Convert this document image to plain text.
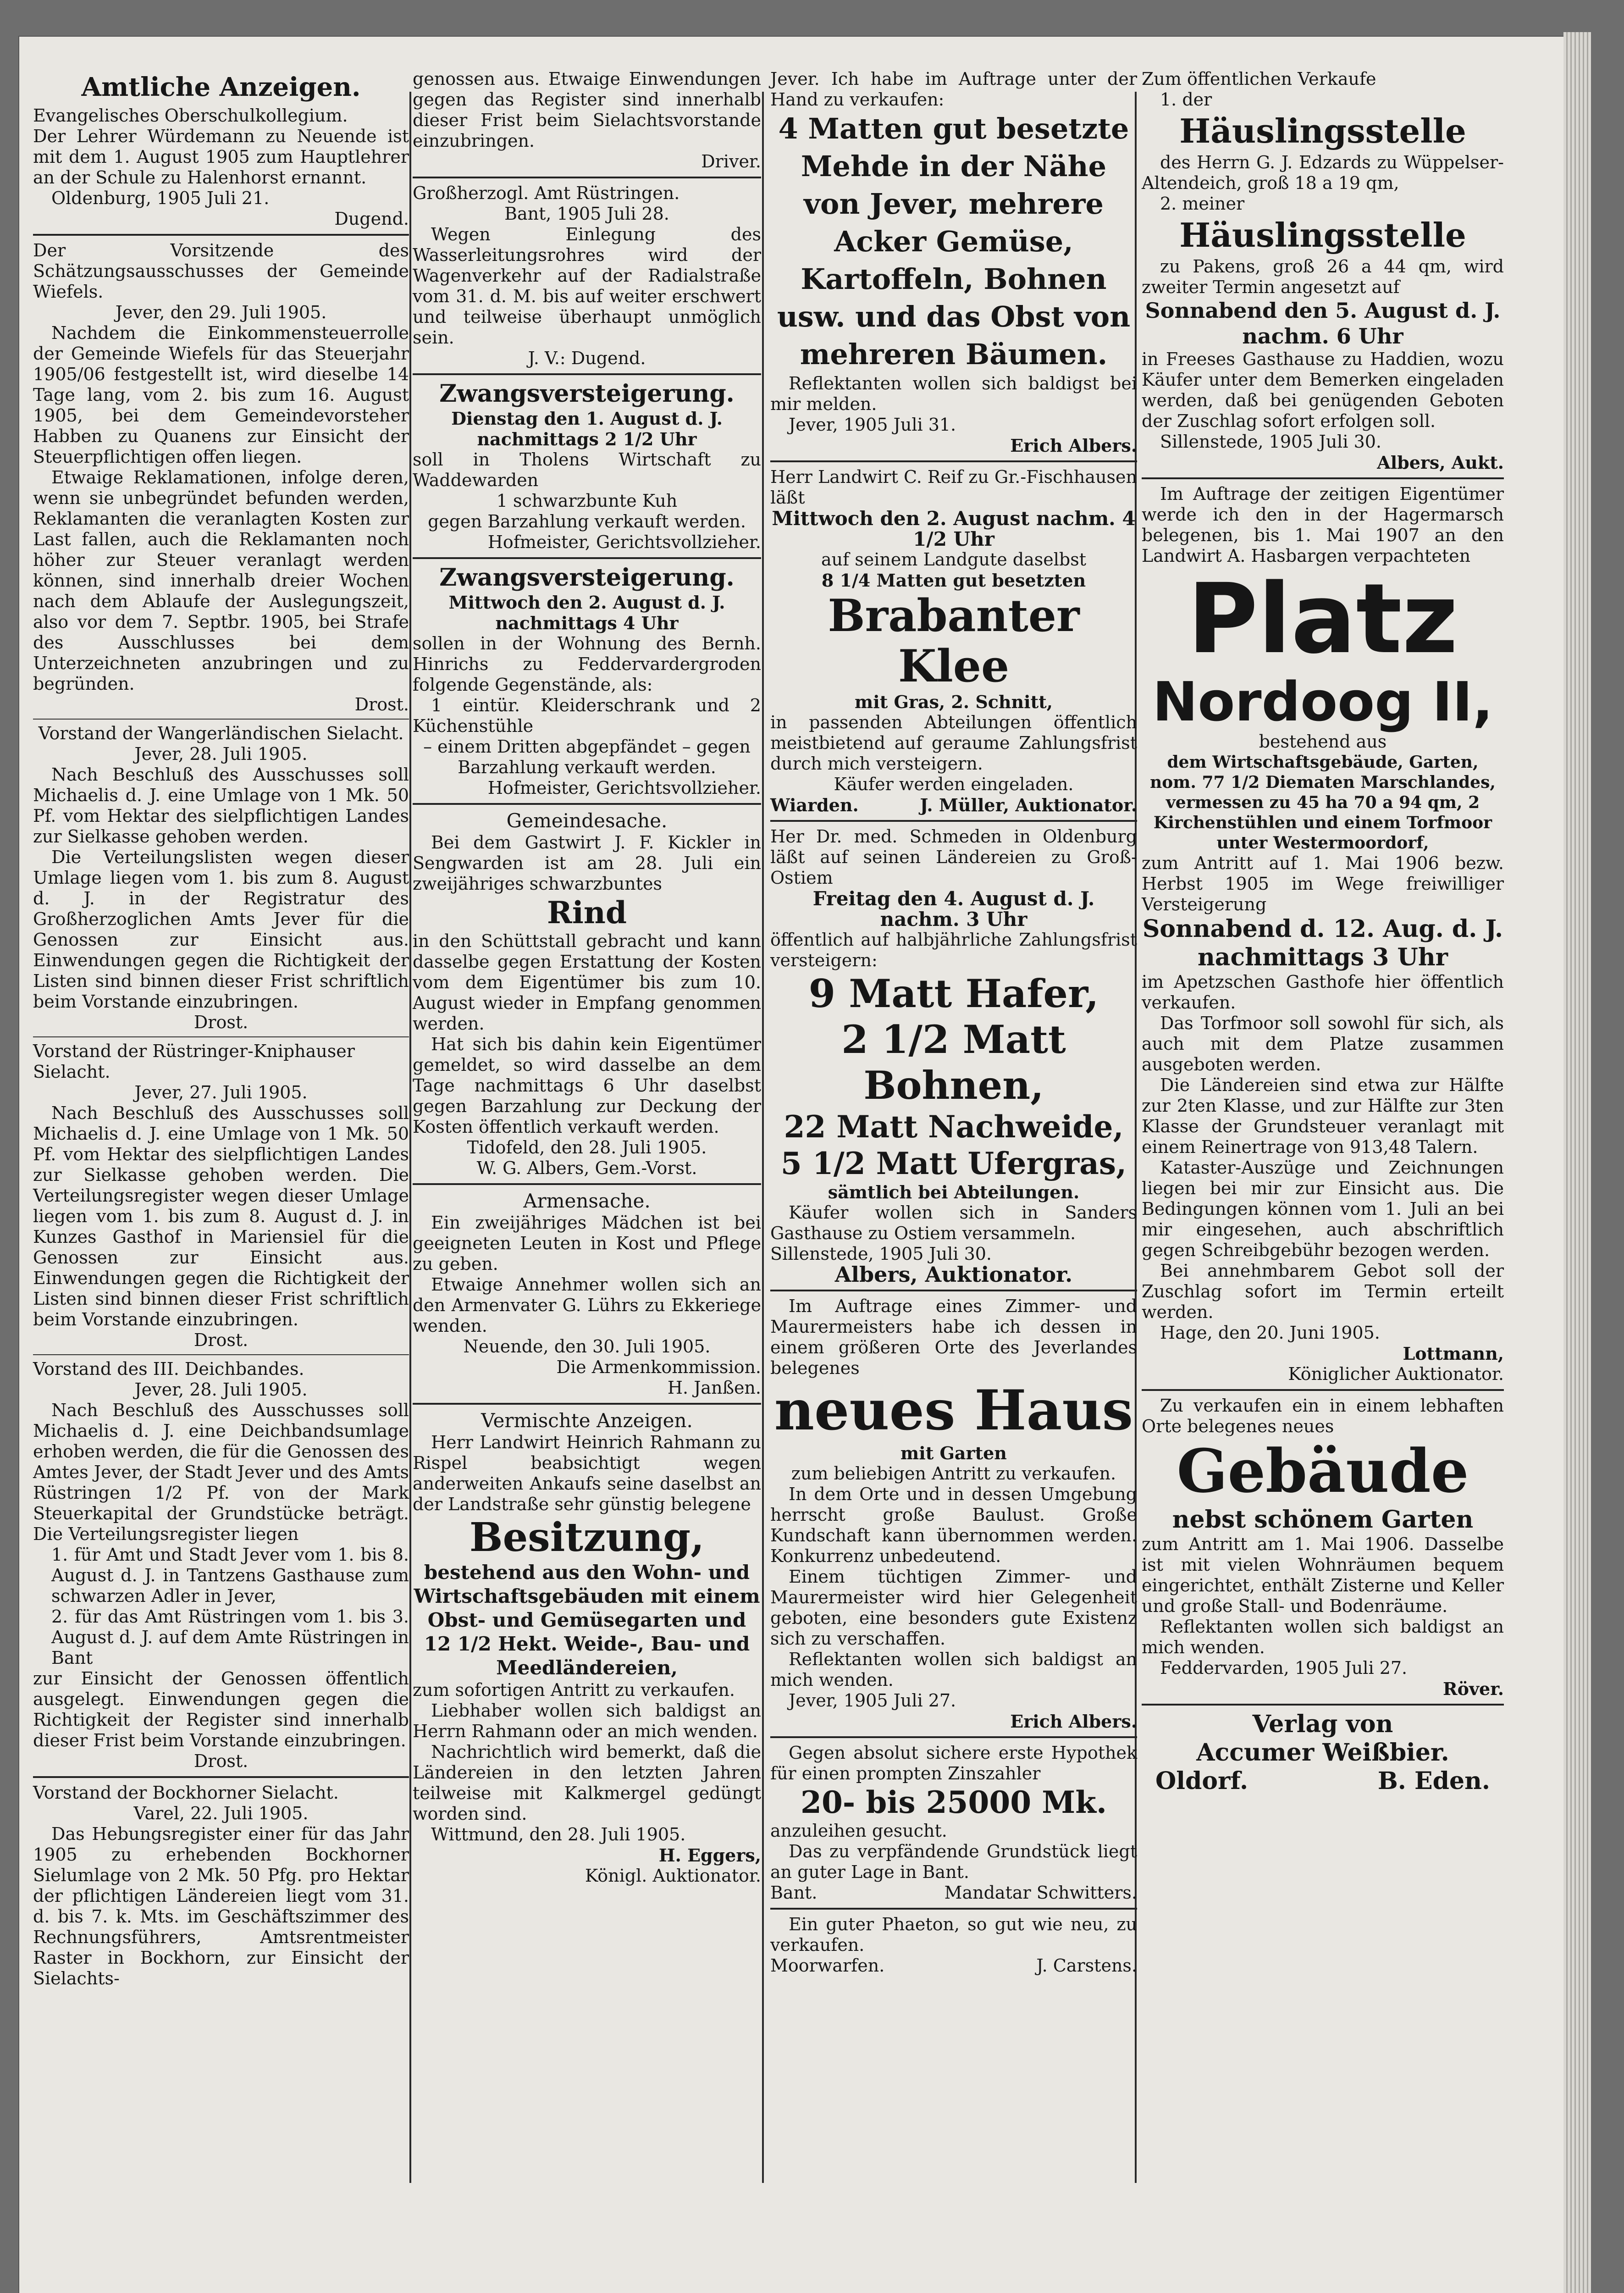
Amtliche Anzeigen.

Evangelisches Oberschulkollegium.

Der Lehrer Würdemann zu Neuende ist mit dem 1. August 1905 zum Hauptlehrer an der Schule zu Halenhorst ernannt.

Oldenburg, 1905 Juli 21.

Dugend.

Der Vorsitzende des Schätzungsausschusses der Gemeinde Wiefels.

Jever, den 29. Juli 1905.

Nachdem die Einkommensteuerrolle der Gemeinde Wiefels für das Steuerjahr 1905/06 festgestellt ist, wird dieselbe 14 Tage lang, vom 2. bis zum 16. August 1905, bei dem Gemeindevorsteher Habben zu Quanens zur Einsicht der Steuerpflichtigen offen liegen.

Etwaige Reklamationen, infolge deren, wenn sie unbegründet befunden werden, Reklamanten die veranlagten Kosten zur Last fallen, auch die Reklamanten noch höher zur Steuer veranlagt werden können, sind innerhalb dreier Wochen nach dem Ablaufe der Auslegungszeit, also vor dem 7. Septbr. 1905, bei Strafe des Ausschlusses bei dem Unterzeichneten anzubringen und zu begründen.

Drost.

Vorstand der Wangerländischen Sielacht.

Jever, 28. Juli 1905.

Nach Beschluß des Ausschusses soll Michaelis d. J. eine Umlage von 1 Mk. 50 Pf. vom Hektar des sielpflichtigen Landes zur Sielkasse gehoben werden.

Die Verteilungslisten wegen dieser Umlage liegen vom 1. bis zum 8. August d. J. in der Registratur des Großherzoglichen Amts Jever für die Genossen zur Einsicht aus. Einwendungen gegen die Richtigkeit der Listen sind binnen dieser Frist schriftlich beim Vorstande einzubringen.

Drost.

Vorstand der Rüstringer-Kniphauser Sielacht.

Jever, 27. Juli 1905.

Nach Beschluß des Ausschusses soll Michaelis d. J. eine Umlage von 1 Mk. 50 Pf. vom Hektar des sielpflichtigen Landes zur Sielkasse gehoben werden. Die Verteilungsregister wegen dieser Umlage liegen vom 1. bis zum 8. August d. J. in Kunzes Gasthof in Mariensiel für die Genossen zur Einsicht aus. Einwendungen gegen die Richtigkeit der Listen sind binnen dieser Frist schriftlich beim Vorstande einzubringen.

Drost.

Vorstand des III. Deichbandes.

Jever, 28. Juli 1905.

Nach Beschluß des Ausschusses soll Michaelis d. J. eine Deichbandsumlage erhoben werden, die für die Genossen des Amtes Jever, der Stadt Jever und des Amts Rüstringen 1/2 Pf. von der Mark Steuerkapital der Grundstücke beträgt. Die Verteilungsregister liegen

1. für Amt und Stadt Jever vom 1. bis 8. August d. J. in Tantzens Gasthause zum schwarzen Adler in Jever,

2. für das Amt Rüstringen vom 1. bis 3. August d. J. auf dem Amte Rüstringen in Bant

zur Einsicht der Genossen öffentlich ausgelegt. Einwendungen gegen die Richtigkeit der Register sind innerhalb dieser Frist beim Vorstande einzubringen.

Drost.

Vorstand der Bockhorner Sielacht.

Varel, 22. Juli 1905.

Das Hebungsregister einer für das Jahr 1905 zu erhebenden Bockhorner Sielumlage von 2 Mk. 50 Pfg. pro Hektar der pflichtigen Ländereien liegt vom 31. d. bis 7. k. Mts. im Geschäftszimmer des Rechnungsführers, Amtsrentmeister Raster in Bockhorn, zur Einsicht der Sielachts-

genossen aus. Etwaige Einwendungen gegen das Register sind innerhalb dieser Frist beim Sielachtsvorstande einzubringen.

Driver.

Großherzogl. Amt Rüstringen.

Bant, 1905 Juli 28.

Wegen Einlegung des Wasserleitungsrohres wird der Wagenverkehr auf der Radialstraße vom 31. d. M. bis auf weiter erschwert und teilweise überhaupt unmöglich sein.

J. V.: Dugend.

Zwangsversteigerung.

Dienstag den 1. August d. J. nachmittags 2 1/2 Uhr

soll in Tholens Wirtschaft zu Waddewarden

1 schwarzbunte Kuh

gegen Barzahlung verkauft werden.

Hofmeister, Gerichtsvollzieher.

Zwangsversteigerung.

Mittwoch den 2. August d. J. nachmittags 4 Uhr

sollen in der Wohnung des Bernh. Hinrichs zu Feddervardergroden folgende Gegenstände, als:

1 eintür. Kleiderschrank und 2 Küchenstühle

– einem Dritten abgepfändet – gegen Barzahlung verkauft werden.

Hofmeister, Gerichtsvollzieher.

Gemeindesache.

Bei dem Gastwirt J. F. Kickler in Sengwarden ist am 28. Juli ein zweijähriges schwarzbuntes

Rind

in den Schüttstall gebracht und kann dasselbe gegen Erstattung der Kosten vom dem Eigentümer bis zum 10. August wieder in Empfang genommen werden.

Hat sich bis dahin kein Eigentümer gemeldet, so wird dasselbe an dem Tage nachmittags 6 Uhr daselbst gegen Barzahlung zur Deckung der Kosten öffentlich verkauft werden.

Tidofeld, den 28. Juli 1905.

W. G. Albers, Gem.-Vorst.

Armensache.

Ein zweijähriges Mädchen ist bei geeigneten Leuten in Kost und Pflege zu geben.

Etwaige Annehmer wollen sich an den Armenvater G. Lührs zu Ekkeriege wenden.

Neuende, den 30. Juli 1905.

Die Armenkommission.

H. Janßen.

Vermischte Anzeigen.

Herr Landwirt Heinrich Rahmann zu Rispel beabsichtigt wegen anderweiten Ankaufs seine daselbst an der Landstraße sehr günstig belegene

Besitzung,

bestehend aus den Wohn- und Wirtschaftsgebäuden mit einem Obst- und Gemüsegarten und 12 1/2 Hekt. Weide-, Bau- und Meedländereien,

zum sofortigen Antritt zu verkaufen.

Liebhaber wollen sich baldigst an Herrn Rahmann oder an mich wenden.

Nachrichtlich wird bemerkt, daß die Ländereien in den letzten Jahren teilweise mit Kalkmergel gedüngt worden sind.

Wittmund, den 28. Juli 1905.

H. Eggers,

Königl. Auktionator.

Jever. Ich habe im Auftrage unter der Hand zu verkaufen:

4 Matten gut besetzte Mehde in der Nähe von Jever, mehrere Acker Gemüse, Kartoffeln, Bohnen usw. und das Obst von mehreren Bäumen.

Reflektanten wollen sich baldigst bei mir melden.

Jever, 1905 Juli 31.

Erich Albers.

Herr Landwirt C. Reif zu Gr.-Fischhausen läßt

Mittwoch den 2. August nachm. 4 1/2 Uhr

auf seinem Landgute daselbst

8 1/4 Matten gut besetzten

Brabanter Klee

mit Gras, 2. Schnitt,

in passenden Abteilungen öffentlich meistbietend auf geraume Zahlungsfrist durch mich versteigern.

Käufer werden eingeladen.

Wiarden.	J. Müller, Auktionator.

Her Dr. med. Schmeden in Oldenburg läßt auf seinen Ländereien zu Groß-Ostiem

Freitag den 4. August d. J. nachm. 3 Uhr

öffentlich auf halbjährliche Zahlungsfrist versteigern:

9 Matt Hafer,

2 1/2 Matt Bohnen,

22 Matt Nachweide,

5 1/2 Matt Ufergras,

sämtlich bei Abteilungen.

Käufer wollen sich in Sanders Gasthause zu Ostiem versammeln.

Sillenstede, 1905 Juli 30.

Albers, Auktionator.

Im Auftrage eines Zimmer- und Maurermeisters habe ich dessen in einem größeren Orte des Jeverlandes belegenes

neues Haus

mit Garten

zum beliebigen Antritt zu verkaufen.

In dem Orte und in dessen Umgebung herrscht große Baulust. Große Kundschaft kann übernommen werden. Konkurrenz unbedeutend.

Einem tüchtigen Zimmer- und Maurermeister wird hier Gelegenheit geboten, eine besonders gute Existenz sich zu verschaffen.

Reflektanten wollen sich baldigst an mich wenden.

Jever, 1905 Juli 27.

Erich Albers.

Gegen absolut sichere erste Hypothek für einen prompten Zinszahler

20- bis 25000 Mk.

anzuleihen gesucht.

Das zu verpfändende Grundstück liegt an guter Lage in Bant.

Bant.	Mandatar Schwitters.

Ein guter Phaeton, so gut wie neu, zu verkaufen.

Moorwarfen.	J. Carstens.

Zum öffentlichen Verkaufe

1. der

Häuslingsstelle

des Herrn G. J. Edzards zu Wüppelser-Altendeich, groß 18 a 19 qm,

2. meiner

Häuslingsstelle

zu Pakens, groß 26 a 44 qm, wird zweiter Termin angesetzt auf

Sonnabend den 5. August d. J. nachm. 6 Uhr

in Freeses Gasthause zu Haddien, wozu Käufer unter dem Bemerken eingeladen werden, daß bei genügenden Geboten der Zuschlag sofort erfolgen soll.

Sillenstede, 1905 Juli 30.

Albers, Aukt.

Im Auftrage der zeitigen Eigentümer werde ich den in der Hagermarsch belegenen, bis 1. Mai 1907 an den Landwirt A. Hasbargen verpachteten

Platz

Nordoog II,

bestehend aus

dem Wirtschaftsgebäude, Garten, nom. 77 1/2 Diematen Marschlandes, vermessen zu 45 ha 70 a 94 qm, 2 Kirchenstühlen und einem Torfmoor unter Westermoordorf,

zum Antritt auf 1. Mai 1906 bezw. Herbst 1905 im Wege freiwilliger Versteigerung

Sonnabend d. 12. Aug. d. J. nachmittags 3 Uhr

im Apetzschen Gasthofe hier öffentlich verkaufen.

Das Torfmoor soll sowohl für sich, als auch mit dem Platze zusammen ausgeboten werden.

Die Ländereien sind etwa zur Hälfte zur 2ten Klasse, und zur Hälfte zur 3ten Klasse der Grundsteuer veranlagt mit einem Reinertrage von 913,48 Talern.

Kataster-Auszüge und Zeichnungen liegen bei mir zur Einsicht aus. Die Bedingungen können vom 1. Juli an bei mir eingesehen, auch abschriftlich gegen Schreibgebühr bezogen werden.

Bei annehmbarem Gebot soll der Zuschlag sofort im Termin erteilt werden.

Hage, den 20. Juni 1905.

Lottmann,

Königlicher Auktionator.

Zu verkaufen ein in einem lebhaften Orte belegenes neues

Gebäude

nebst schönem Garten

zum Antritt am 1. Mai 1906. Dasselbe ist mit vielen Wohnräumen bequem eingerichtet, enthält Zisterne und Keller und große Stall- und Bodenräume.

Reflektanten wollen sich baldigst an mich wenden.

Feddervarden, 1905 Juli 27.

Röver.

Verlag von

Accumer Weißbier.

Oldorf.	B. Eden.
